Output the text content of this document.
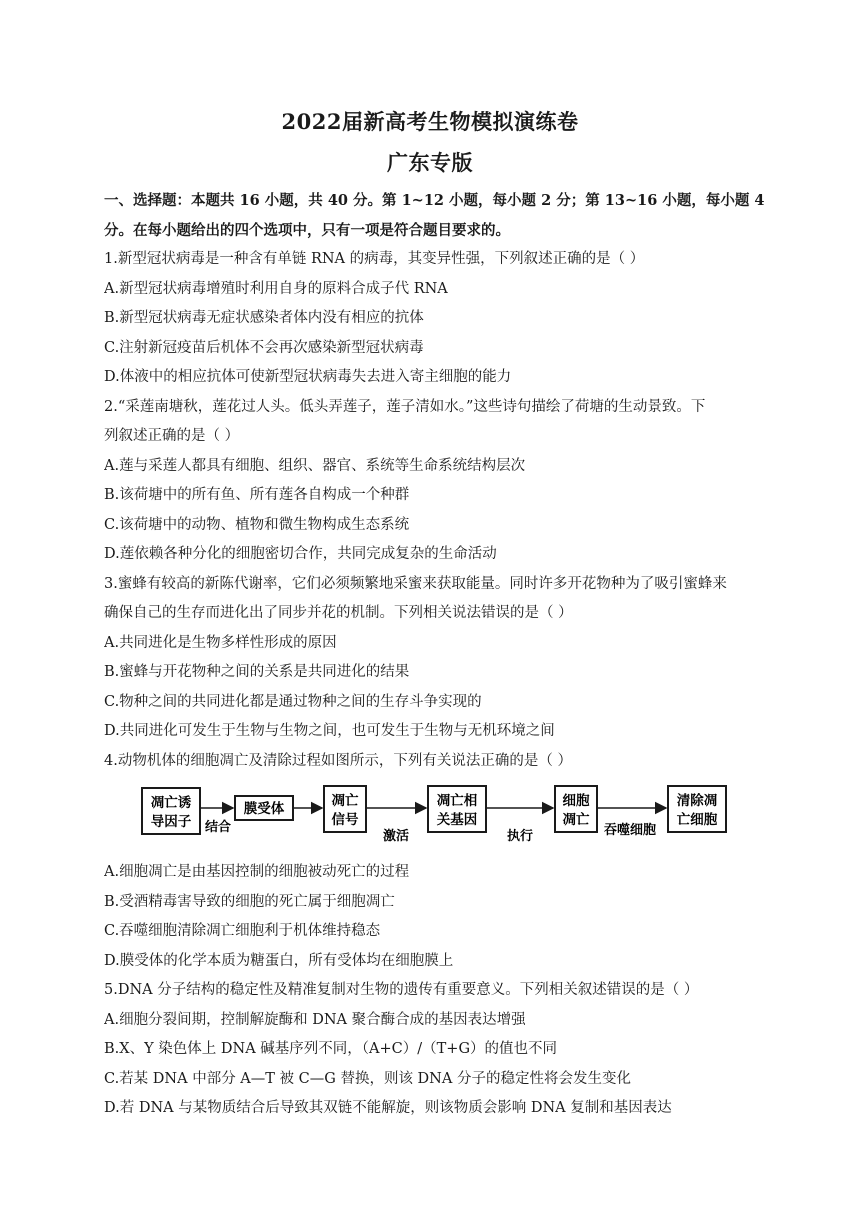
2022届新高考生物模拟演练卷
广东专版
一、选择题：本题共 16 小题，共 40 分。第 1~12 小题，每小题 2 分；第 13~16 小题，每小题 4
分。在每小题给出的四个选项中，只有一项是符合题目要求的。
1.新型冠状病毒是一种含有单链 RNA 的病毒，其变异性强，下列叙述正确的是（ ）
A.新型冠状病毒增殖时利用自身的原料合成子代 RNA
B.新型冠状病毒无症状感染者体内没有相应的抗体
C.注射新冠疫苗后机体不会再次感染新型冠状病毒
D.体液中的相应抗体可使新型冠状病毒失去进入寄主细胞的能力
2.“采莲南塘秋，莲花过人头。低头弄莲子，莲子清如水。”这些诗句描绘了荷塘的生动景致。下
列叙述正确的是（ ）
A.莲与采莲人都具有细胞、组织、器官、系统等生命系统结构层次
B.该荷塘中的所有鱼、所有莲各自构成一个种群
C.该荷塘中的动物、植物和微生物构成生态系统
D.莲依赖各种分化的细胞密切合作，共同完成复杂的生命活动
3.蜜蜂有较高的新陈代谢率，它们必须频繁地采蜜来获取能量。同时许多开花物种为了吸引蜜蜂来
确保自己的生存而进化出了同步并花的机制。下列相关说法错误的是（ ）
A.共同进化是生物多样性形成的原因
B.蜜蜂与开花物种之间的关系是共同进化的结果
C.物种之间的共同进化都是通过物种之间的生存斗争实现的
D.共同进化可发生于生物与生物之间，也可发生于生物与无机环境之间
4.动物机体的细胞凋亡及清除过程如图所示，下列有关说法正确的是（ ）
凋亡诱
导因子 结合
膜受体	凋亡
信号
激活
凋亡相
关基因
执行
细胞
凋亡
吞噬细胞
清除凋
亡细胞
A.细胞凋亡是由基因控制的细胞被动死亡的过程
B.受酒精毒害导致的细胞的死亡属于细胞凋亡
C.吞噬细胞清除凋亡细胞利于机体维持稳态
D.膜受体的化学本质为糖蛋白，所有受体均在细胞膜上
5.DNA 分子结构的稳定性及精准复制对生物的遗传有重要意义。下列相关叙述错误的是（ ）
A.细胞分裂间期，控制解旋酶和 DNA 聚合酶合成的基因表达增强
B.X、Y 染色体上 DNA 碱基序列不同，（A+C）/（T+G）的值也不同
C.若某 DNA 中部分 A—T 被 C—G 替换，则该 DNA 分子的稳定性将会发生变化
D.若 DNA 与某物质结合后导致其双链不能解旋，则该物质会影响 DNA 复制和基因表达
